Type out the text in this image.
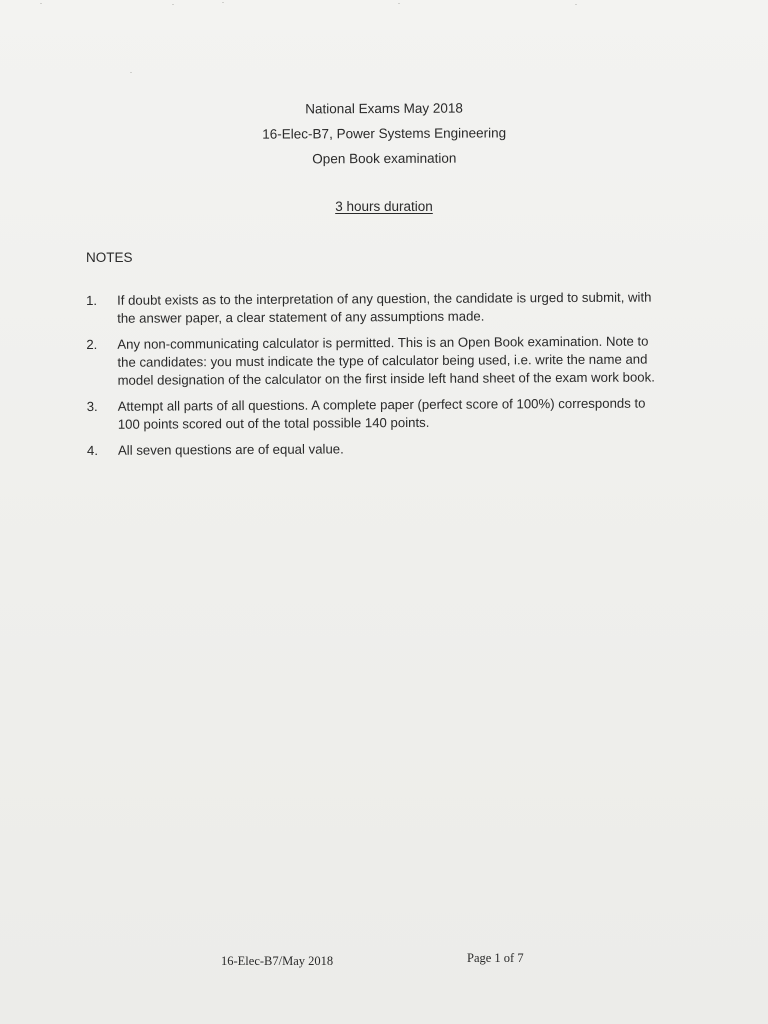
National Exams May 2018
16-Elec-B7, Power Systems Engineering
Open Book examination
3 hours duration
NOTES
1.	If doubt exists as to the interpretation of any question, the candidate is urged to submit, with the answer paper, a clear statement of any assumptions made.
2.	Any non-communicating calculator is permitted. This is an Open Book examination. Note to the candidates: you must indicate the type of calculator being used, i.e. write the name and model designation of the calculator on the first inside left hand sheet of the exam work book.
3.	Attempt all parts of all questions. A complete paper (perfect score of 100%) corresponds to 100 points scored out of the total possible 140 points.
4.	All seven questions are of equal value.
16-Elec-B7/May 2018	Page 1 of 7
